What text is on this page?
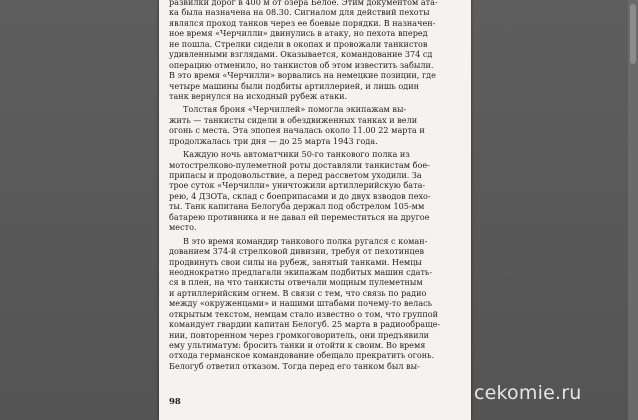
развилки дорог в 400 м от озера Белое. Этим документом ата-
ка была назначена на 08.30. Сигналом для действий пехоты
являлся проход танков через ее боевые порядки. В назначен-
ное время «Черчилли» двинулись в атаку, но пехота вперед
не пошла. Стрелки сидели в окопах и провожали танкистов
удивленными взглядами. Оказывается, командование 374 сд
операцию отменило, но танкистов об этом известить забыли.
В это время «Черчилли» ворвались на немецкие позиции, где
четыре машины были подбиты артиллерией, и лишь один
танк вернулся на исходный рубеж атаки.
Толстая броня «Черчиллей» помогла экипажам вы-
жить — танкисты сидели в обездвиженных танках и вели
огонь с места. Эта эпопея началась около 11.00 22 марта и
продолжалась три дня — до 25 марта 1943 года.
Каждую ночь автоматчики 50-го танкового полка из
мотострелково-пулеметной роты доставляли танкистам бое-
припасы и продовольствие, а перед рассветом уходили. За
трое суток «Черчилли» уничтожили артиллерийскую бата-
рею, 4 ДЗОТа, склад с боеприпасами и до двух взводов пехо-
ты. Танк капитана Белогуба держал под обстрелом 105-мм
батарею противника и не давал ей перемеcтиться на другое
место.
В это время командир танкового полка ругался с коман-
дованием 374-й стрелковой дивизии, требуя от пехотинцев
продвинуть свои силы на рубеж, занятый танками. Немцы
неоднократно предлагали экипажам подбитых машин сдать-
ся в плен, на что танкисты отвечали мощным пулеметным
и артиллерийским огнем. В связи с тем, что связь по радио
между «окруженцами» и нашими штабами почему-то велась
открытым текстом, немцам стало известно о том, что группой
командует гвардии капитан Белогуб. 25 марта в радиообраще-
нии, повторенном через громкоговоритель, они предъявили
ему ультиматум: бросить танки и отойти к своим. Во время
отхода германское командование обещало прекратить огонь.
Белогуб ответил отказом. Тогда перед его танком был вы-
98	cekomie.ru
